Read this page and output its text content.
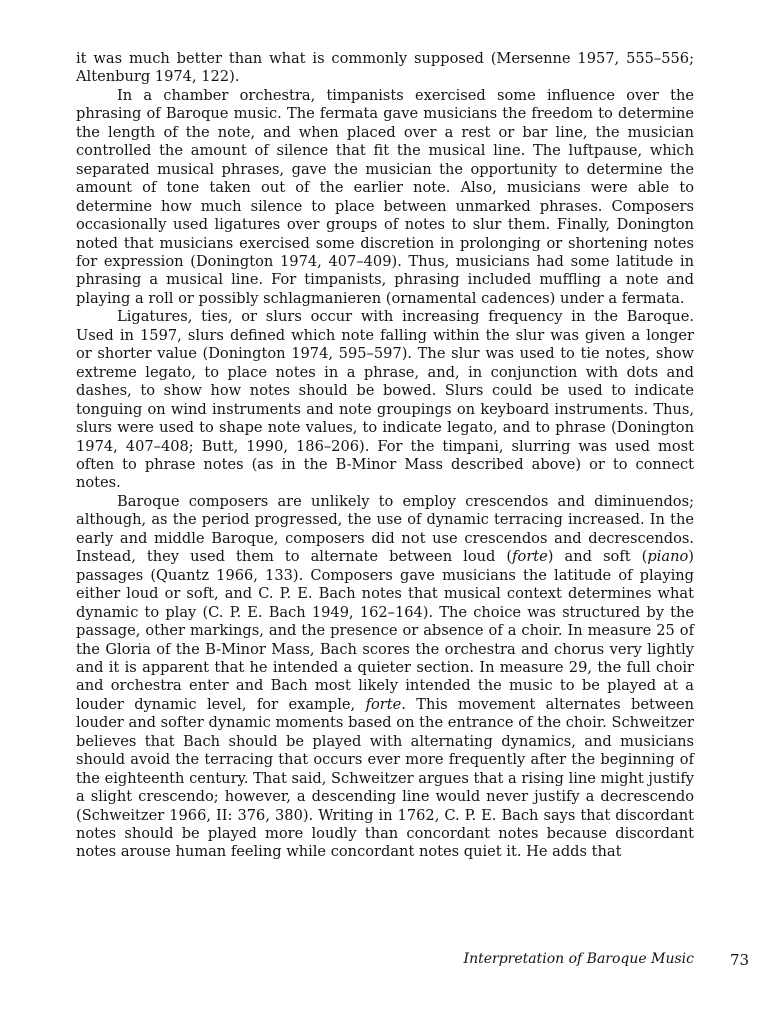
it was much better than what is commonly supposed (Mersenne 1957, 555–556; Altenburg 1974, 122).

In a chamber orchestra, timpanists exercised some influence over the phrasing of Baroque music. The fermata gave musicians the freedom to determine the length of the note, and when placed over a rest or bar line, the musician controlled the amount of silence that fit the musical line. The luftpause, which separated musical phrases, gave the musician the opportunity to determine the amount of tone taken out of the earlier note. Also, musicians were able to determine how much silence to place between unmarked phrases. Composers occasionally used ligatures over groups of notes to slur them. Finally, Donington noted that musicians exercised some discretion in prolonging or shortening notes for expression (Donington 1974, 407–409). Thus, musicians had some latitude in phrasing a musical line. For timpanists, phrasing included muffling a note and playing a roll or possibly schlagmanieren (ornamental cadences) under a fermata.

Ligatures, ties, or slurs occur with increasing frequency in the Baroque. Used in 1597, slurs defined which note falling within the slur was given a longer or shorter value (Donington 1974, 595–597). The slur was used to tie notes, show extreme legato, to place notes in a phrase, and, in conjunction with dots and dashes, to show how notes should be bowed. Slurs could be used to indicate tonguing on wind instruments and note groupings on keyboard instruments. Thus, slurs were used to shape note values, to indicate legato, and to phrase (Donington 1974, 407–408; Butt, 1990, 186–206). For the timpani, slurring was used most often to phrase notes (as in the B-Minor Mass described above) or to connect notes.

Baroque composers are unlikely to employ crescendos and diminuendos; although, as the period progressed, the use of dynamic terracing increased. In the early and middle Baroque, composers did not use crescendos and decrescendos. Instead, they used them to alternate between loud (forte) and soft (piano) passages (Quantz 1966, 133). Composers gave musicians the latitude of playing either loud or soft, and C. P. E. Bach notes that musical context determines what dynamic to play (C. P. E. Bach 1949, 162–164). The choice was structured by the passage, other markings, and the presence or absence of a choir. In measure 25 of the Gloria of the B-Minor Mass, Bach scores the orchestra and chorus very lightly and it is apparent that he intended a quieter section. In measure 29, the full choir and orchestra enter and Bach most likely intended the music to be played at a louder dynamic level, for example, forte. This movement alternates between louder and softer dynamic moments based on the entrance of the choir. Schweitzer believes that Bach should be played with alternating dynamics, and musicians should avoid the terracing that occurs ever more frequently after the beginning of the eighteenth century. That said, Schweitzer argues that a rising line might justify a slight crescendo; however, a descending line would never justify a decrescendo (Schweitzer 1966, II: 376, 380). Writing in 1762, C. P. E. Bach says that discordant notes should be played more loudly than concordant notes because discordant notes arouse human feeling while concordant notes quiet it. He adds that

Interpretation of Baroque Music 73
